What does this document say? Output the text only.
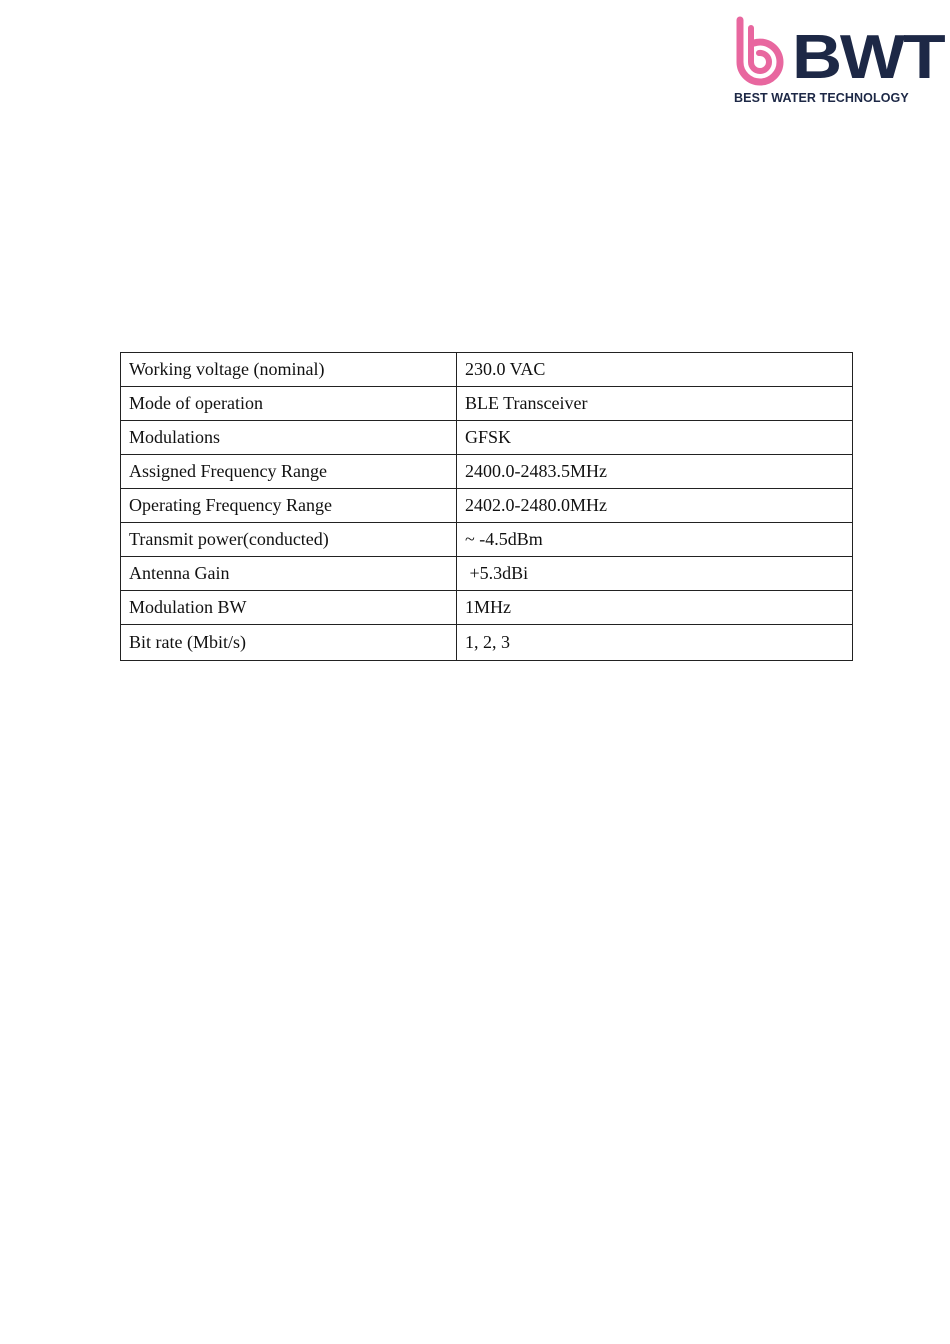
BWT
BEST WATER TECHNOLOGY
Working voltage (nominal)	230.0 VAC
Mode of operation	BLE Transceiver
Modulations	GFSK
Assigned Frequency Range	2400.0-2483.5MHz
Operating Frequency Range	2402.0-2480.0MHz
Transmit power(conducted)	~ -4.5dBm
Antenna Gain	+5.3dBi
Modulation BW	1MHz
Bit rate (Mbit/s)	1, 2, 3
